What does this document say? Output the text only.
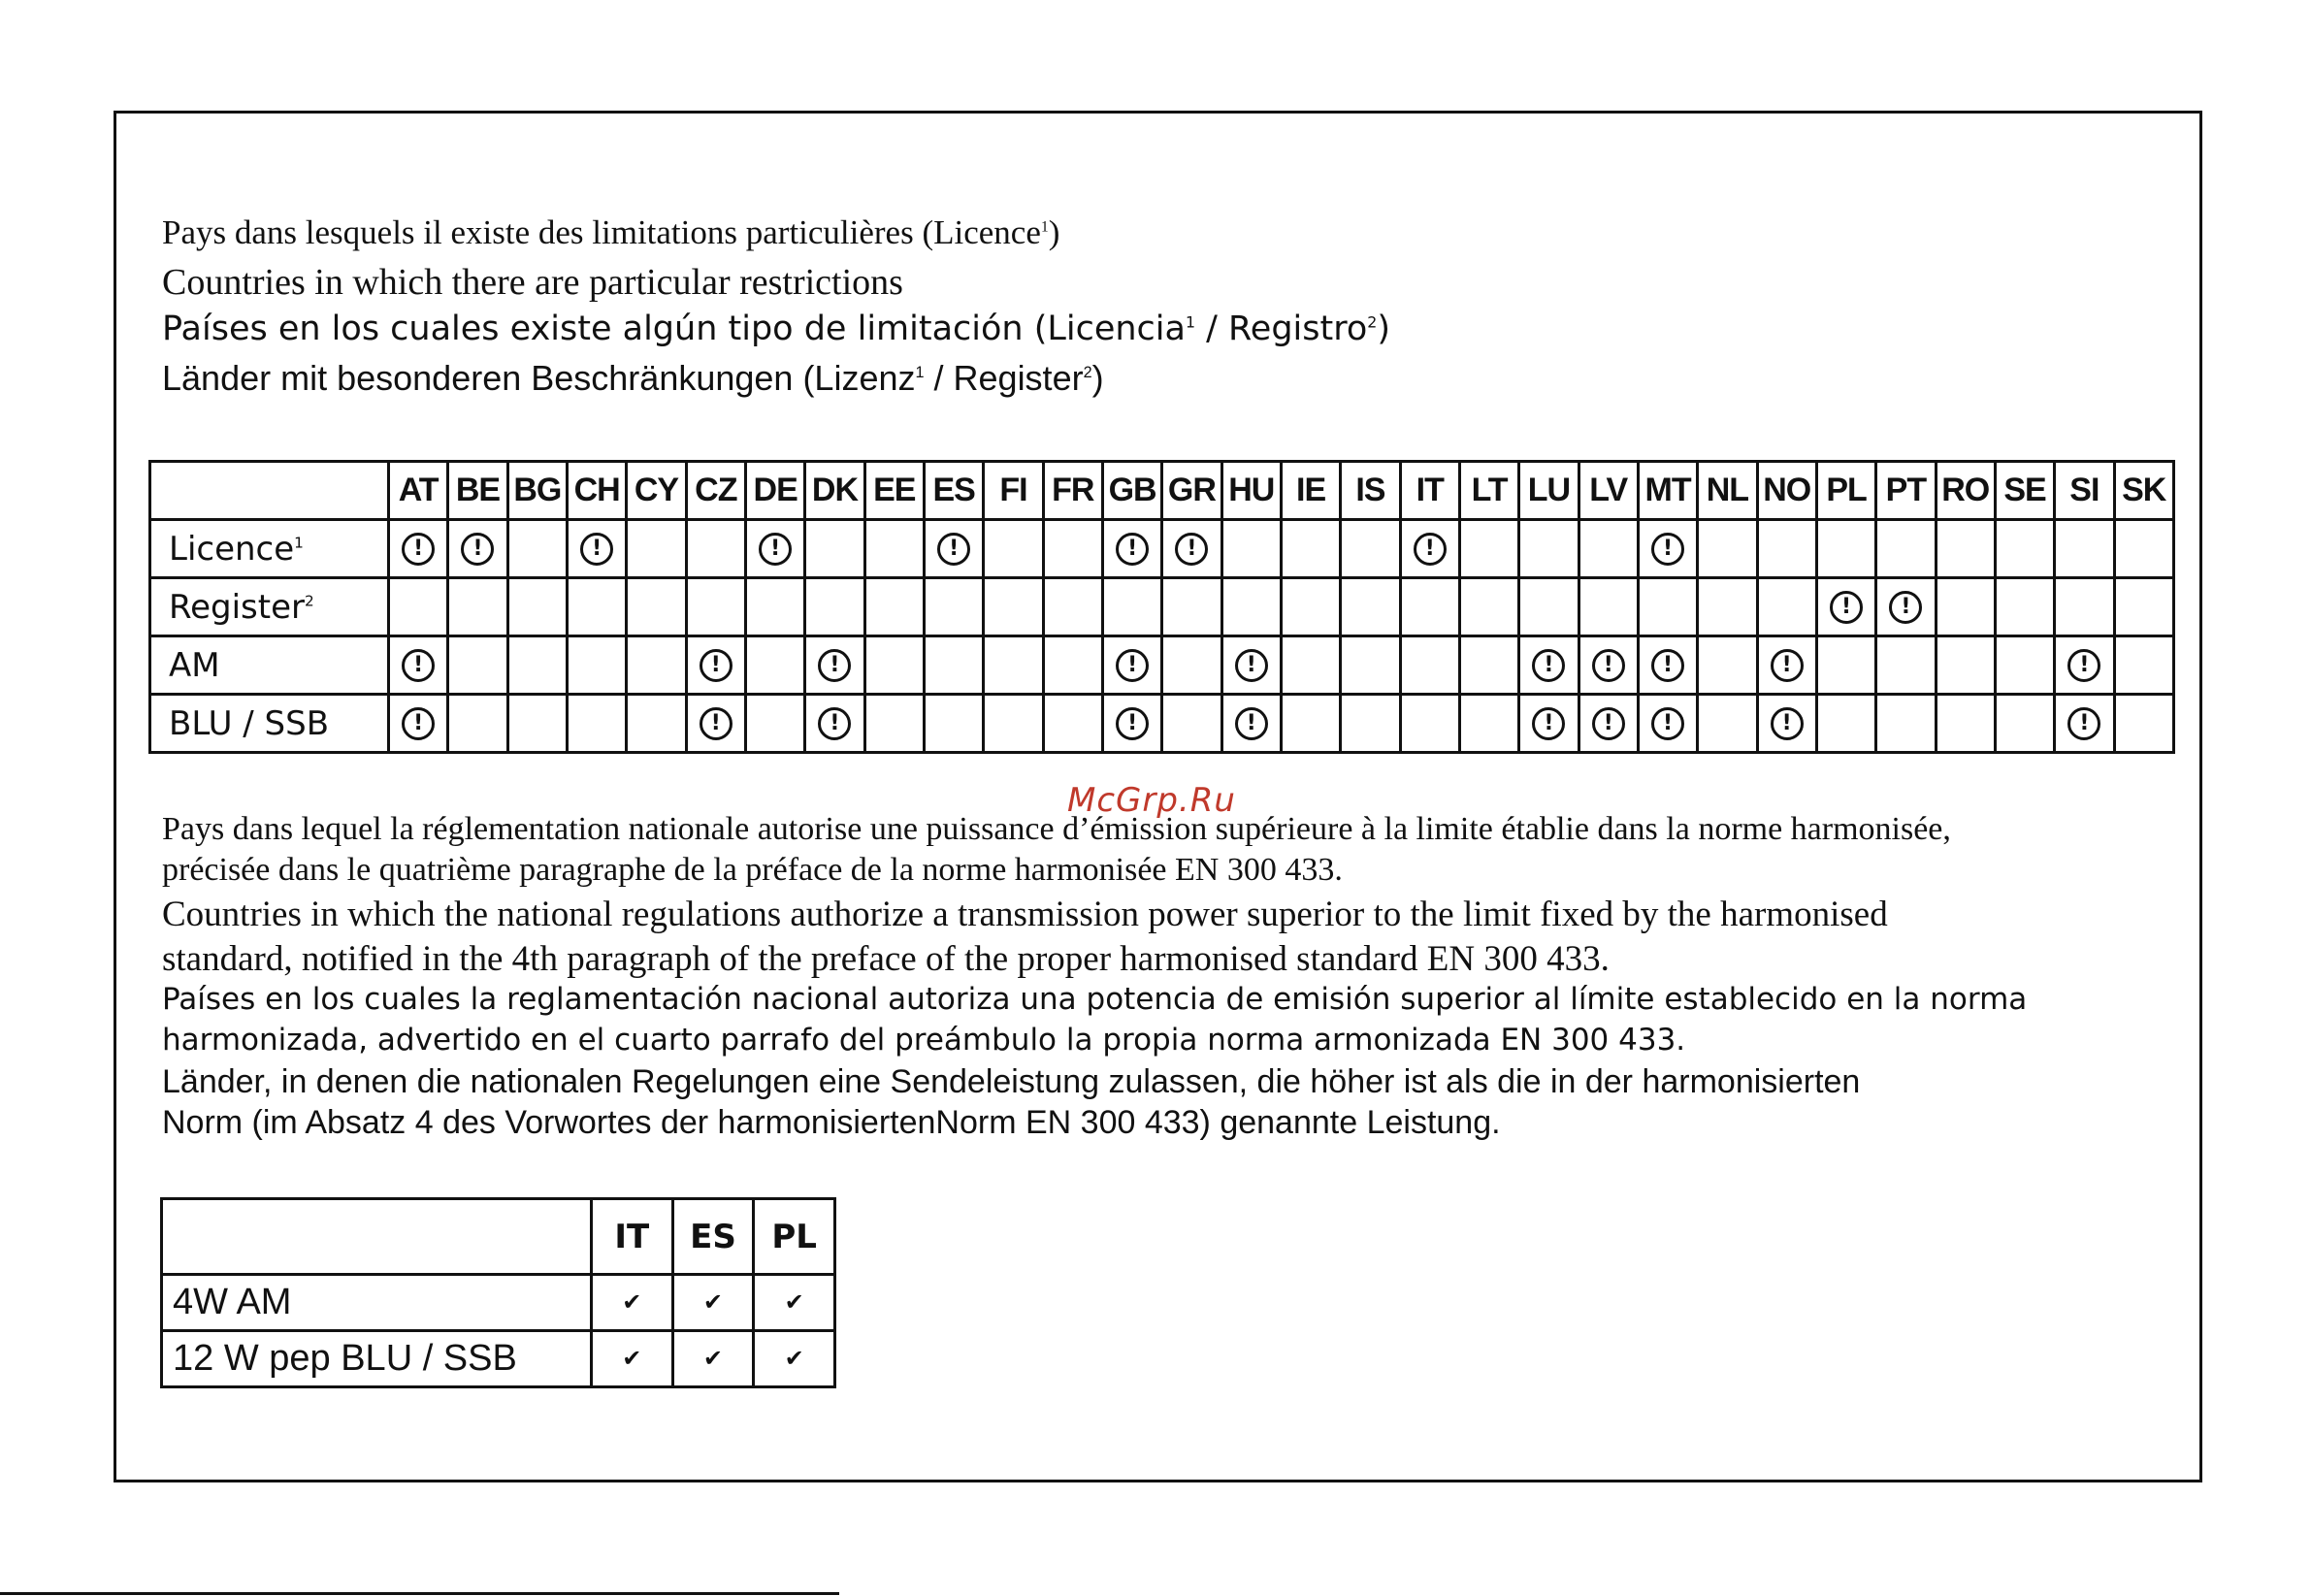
Pays dans lesquels il existe des limitations particulières (Licence$^1$)
Countries in which there are particular restrictions
Países en los cuales existe algún tipo de limitación (Licencia$^1$ / Registro$^2$)
Länder mit besonderen Beschränkungen (Lizenz$^1$ / Register$^2$)
	AT	BE	BG	CH	CY	CZ	DE	DK	EE	ES	FI	FR	GB	GR	HU	IE	IS	IT	LT	LU	LV	MT	NL	NO	PL	PT	RO	SE	SI	SK
Licence$^1$	!	!		!			!			!			!	!				!				!								
Register$^2$																									!	!				
AM	!					!		!					!		!					!	!	!		!					!	
BLU / SSB	!					!		!					!		!					!	!	!		!					!	
McGrp.Ru
Pays dans lequel la réglementation nationale autorise une puissance d’émission supérieure à la limite établie dans la norme harmonisée,
précisée dans le quatrième paragraphe de la préface de la norme harmonisée EN 300 433.
Countries in which the national regulations authorize a transmission power superior to the limit fixed by the harmonised
standard, notified in the 4th paragraph of the preface of the proper harmonised standard EN 300 433.
Países en los cuales la reglamentación nacional autoriza una potencia de emisión superior al límite establecido en la norma
harmonizada, advertido en el cuarto parrafo del preámbulo la propia norma armonizada EN 300 433.
Länder, in denen die nationalen Regelungen eine Sendeleistung zulassen, die höher ist als die in der harmonisierten
Norm (im Absatz 4 des Vorwortes der harmonisiertenNorm EN 300 433) genannte Leistung.
	IT	ES	PL
4W AM	✔	✔	✔
12 W pep BLU / SSB	✔	✔	✔
